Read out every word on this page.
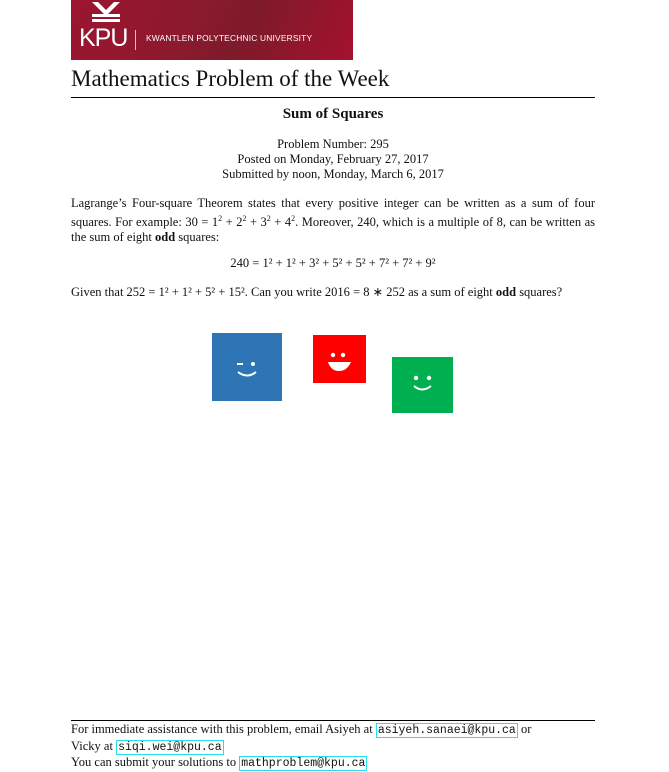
KPU KWANTLEN POLYTECHNIC UNIVERSITY
Mathematics Problem of the Week
Sum of Squares
Problem Number: 295
Posted on Monday, February 27, 2017
Submitted by noon, Monday, March 6, 2017
Lagrange’s Four-square Theorem states that every positive integer can be written as a sum of four squares. For example: $30 = 1^2 + 2^2 + 3^2 + 4^2$. Moreover, 240, which is a multiple of 8, can be written as the sum of eight odd squares:
240 = 1² + 1² + 3² + 5² + 5² + 7² + 7² + 9²
Given that 252 = 1² + 1² + 5² + 15². Can you write 2016 = 8 ∗ 252 as a sum of eight odd squares?
For immediate assistance with this problem, email Asiyeh at asiyeh.sanaei@kpu.ca or
Vicky at siqi.wei@kpu.ca
You can submit your solutions to mathproblem@kpu.ca
